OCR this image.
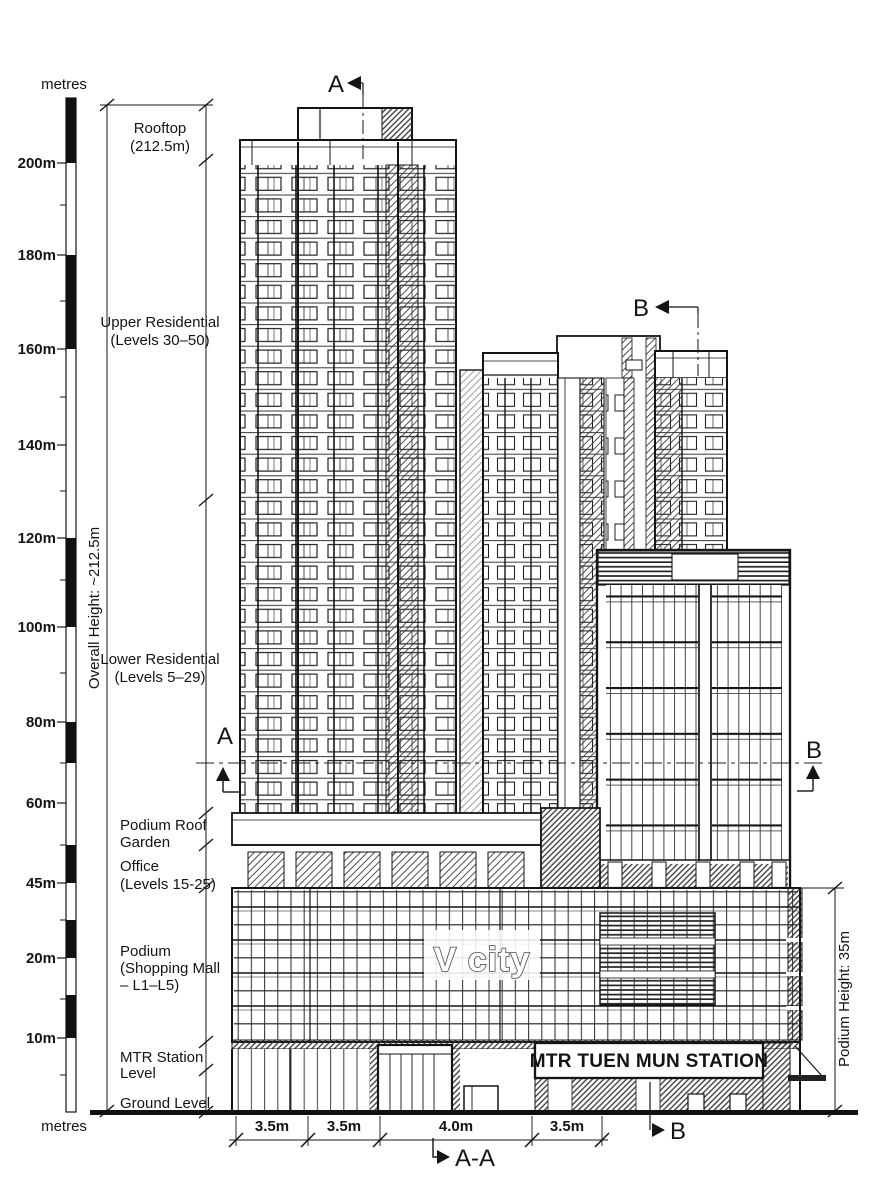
V city
MTR TUEN MUN STATION
metres
metres
200m
180m
160m
140m
120m
100m
80m
60m
45m
20m
10m
Overall Height: ~212.5m
Rooftop
(212.5m)
Upper Residential
(Levels 30–50)
Lower Residential
(Levels 5–29)
Podium Roof
Garden
Office
(Levels 15-25)
Podium
(Shopping Mall
– L1–L5)
MTR Station
Level
Ground Level
Podium Height: 35m
A
B
A
B
B
A-A
3.5m	3.5m	4.0m	3.5m
